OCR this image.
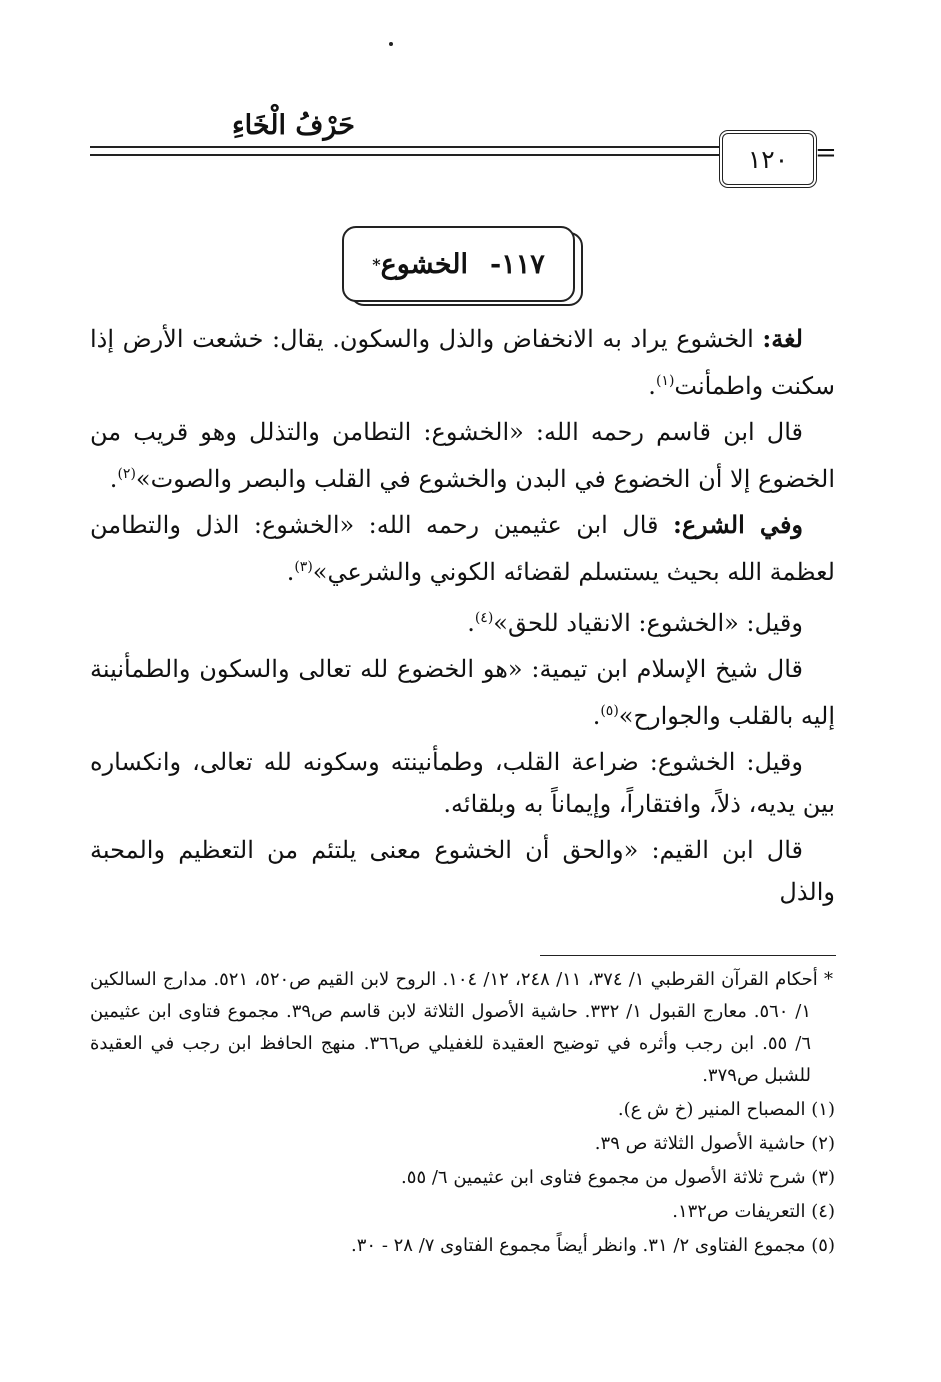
حَرْفُ الْخَاءِ
١٢٠	=
١١٧-
الخشوع
*

لغة: الخشوع يراد به الانخفاض والذل والسكون. يقال: خشعت الأرض إذا سكنت واطمأنت$^{(١)}$.

قال ابن قاسم رحمه الله: «الخشوع: التطامن والتذلل وهو قريب من الخضوع إلا أن الخضوع في البدن والخشوع في القلب والبصر والصوت»$^{(٢)}$.

وفي الشرع: قال ابن عثيمين رحمه الله: «الخشوع: الذل والتطامن لعظمة الله بحيث يستسلم لقضائه الكوني والشرعي»$^{(٣)}$.

وقيل: «الخشوع: الانقياد للحق»$^{(٤)}$.

قال شيخ الإسلام ابن تيمية: «هو الخضوع لله تعالى والسكون والطمأنينة إليه بالقلب والجوارح»$^{(٥)}$.

وقيل: الخشوع: ضراعة القلب، وطمأنينته وسكونه لله تعالى، وانكساره بين يديه، ذلاً، وافتقاراً، وإيماناً به وبلقائه.

قال ابن القيم: «والحق أن الخشوع معنى يلتئم من التعظيم والمحبة والذل

* أحكام القرآن القرطبي ١/ ٣٧٤، ١١/ ٢٤٨، ١٢/ ١٠٤. الروح لابن القيم ص٥٢٠، ٥٢١. مدارج السالكين ١/ ٥٦٠. معارج القبول ١/ ٣٣٢. حاشية الأصول الثلاثة لابن قاسم ص٣٩. مجموع فتاوى ابن عثيمين ٦/ ٥٥. ابن رجب وأثره في توضيح العقيدة للغفيلي ص٣٦٦. منهج الحافظ ابن رجب في العقيدة للشبل ص٣٧٩.

(١) المصباح المنير (خ ش ع).

(٢) حاشية الأصول الثلاثة ص ٣٩.

(٣) شرح ثلاثة الأصول من مجموع فتاوى ابن عثيمين ٦/ ٥٥.

(٤) التعريفات ص١٣٢.

(٥) مجموع الفتاوى ٢/ ٣١. وانظر أيضاً مجموع الفتاوى ٧/ ٢٨ - ٣٠.
